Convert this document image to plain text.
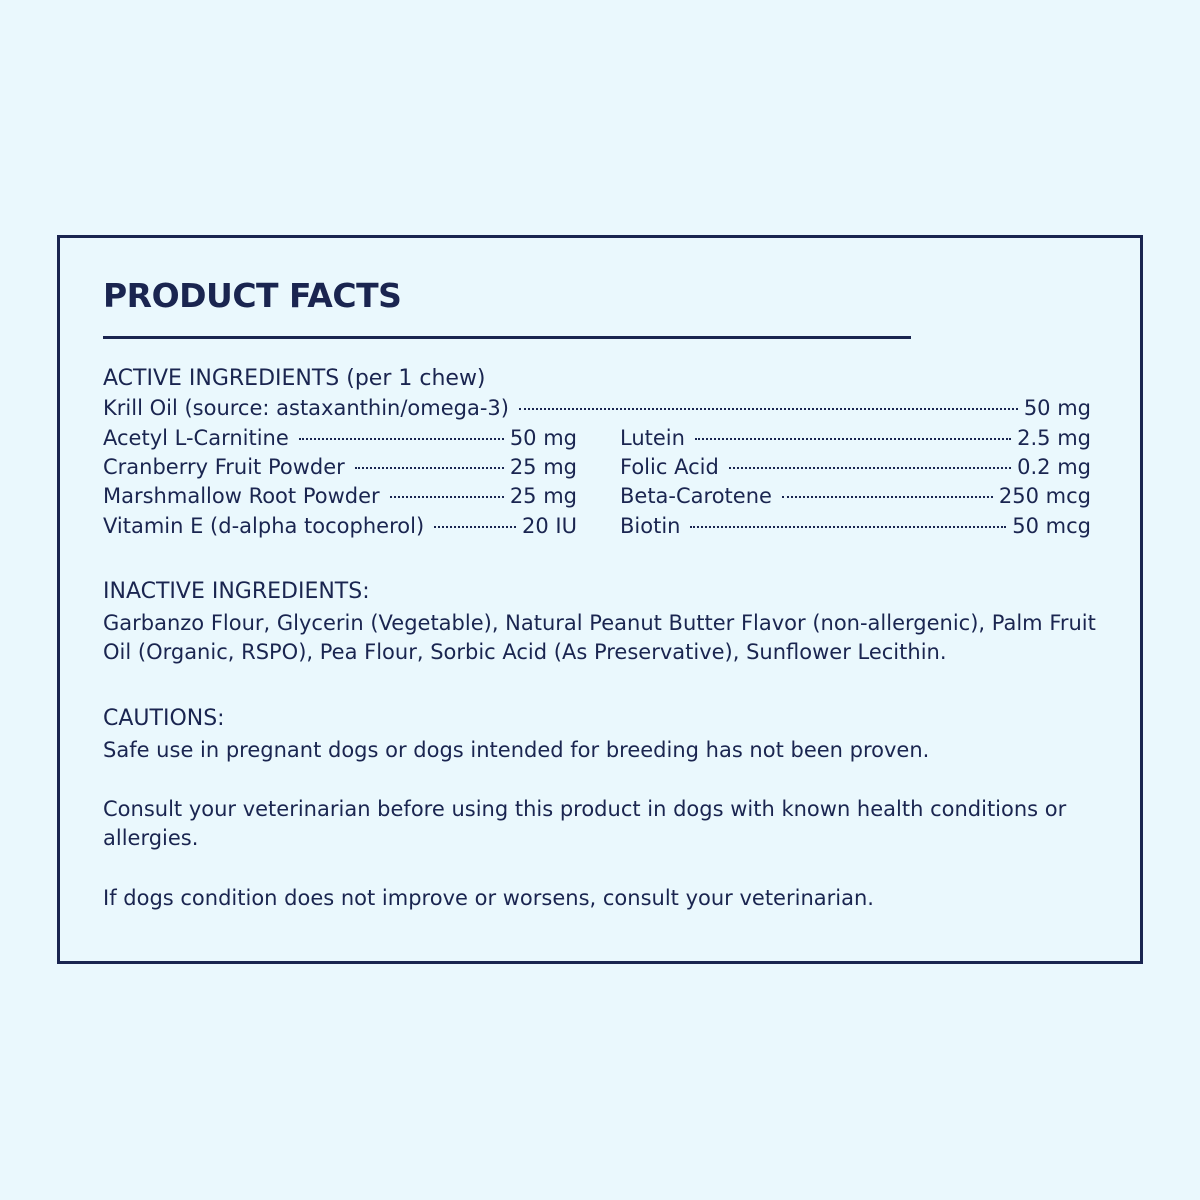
PRODUCT FACTS

ACTIVE INGREDIENTS (per 1 chew)

Krill Oil (source: astaxanthin/omega-3)	50 mg
Acetyl L-Carnitine	50 mg
Cranberry Fruit Powder	25 mg
Marshmallow Root Powder	25 mg
Vitamin E (d-alpha tocopherol)	20 IU
Lutein	2.5 mg
Folic Acid	0.2 mg
Beta-Carotene	250 mcg
Biotin	50 mcg

INACTIVE INGREDIENTS:

Garbanzo Flour, Glycerin (Vegetable), Natural Peanut Butter Flavor (non-allergenic), Palm Fruit Oil (Organic, RSPO), Pea Flour, Sorbic Acid (As Preservative), Sunflower Lecithin.

CAUTIONS:

Safe use in pregnant dogs or dogs intended for breeding has not been proven.

Consult your veterinarian before using this product in dogs with known health conditions or allergies.

If dogs condition does not improve or worsens, consult your veterinarian.
